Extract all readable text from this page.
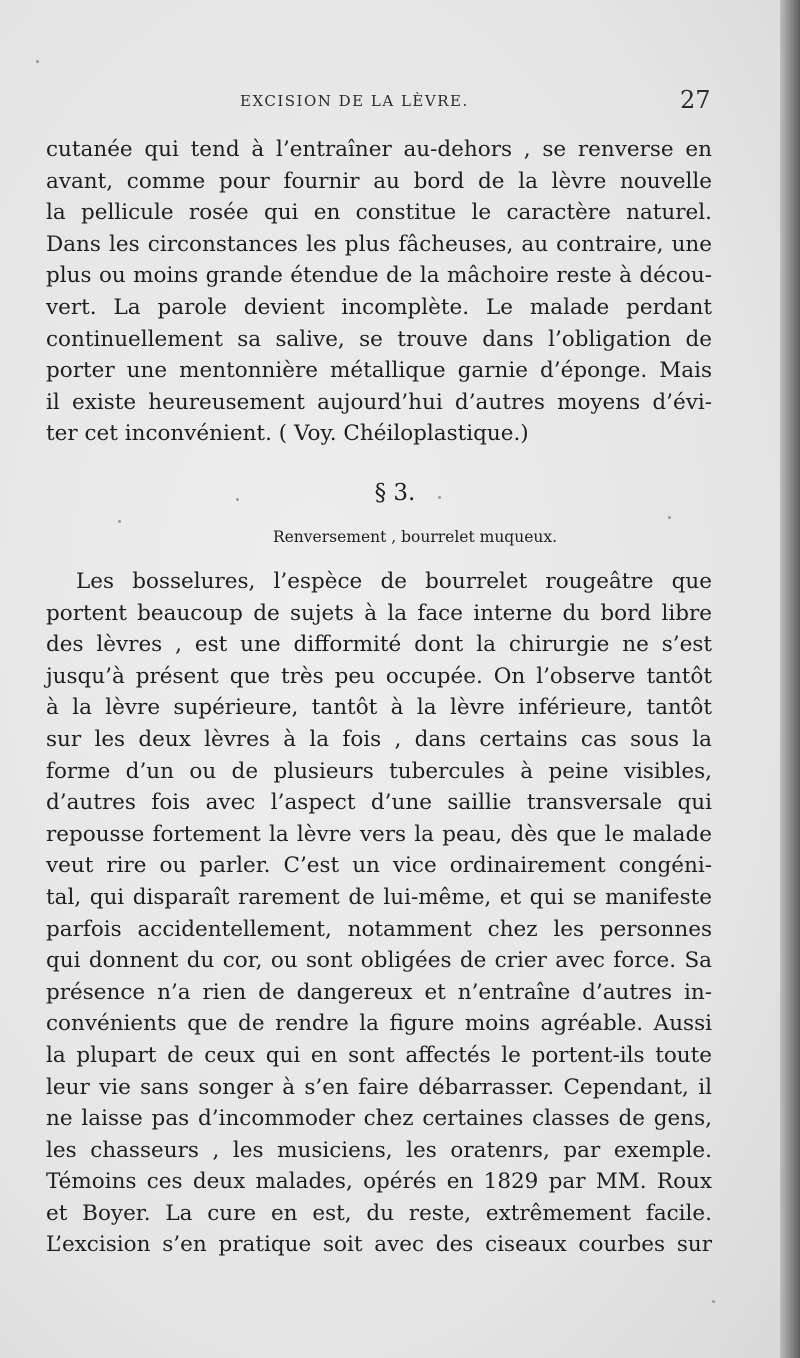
EXCISION DE LA LÈVRE.	27
cutanée qui tend à l’entraîner au-dehors , se renverse en
avant, comme pour fournir au bord de la lèvre nouvelle
la pellicule rosée qui en constitue le caractère naturel.
Dans les circonstances les plus fâcheuses, au contraire, une
plus ou moins grande étendue de la mâchoire reste à décou-
vert. La parole devient incomplète. Le malade perdant
continuellement sa salive, se trouve dans l’obligation de
porter une mentonnière métallique garnie d’éponge. Mais
il existe heureusement aujourd’hui d’autres moyens d’évi-
ter cet inconvénient. ( Voy. Chéiloplastique.)
§ 3.
Renversement , bourrelet muqueux.
Les bosselures, l’espèce de bourrelet rougeâtre que
portent beaucoup de sujets à la face interne du bord libre
des lèvres , est une difformité dont la chirurgie ne s’est
jusqu’à présent que très peu occupée. On l’observe tantôt
à la lèvre supérieure, tantôt à la lèvre inférieure, tantôt
sur les deux lèvres à la fois , dans certains cas sous la
forme d’un ou de plusieurs tubercules à peine visibles,
d’autres fois avec l’aspect d’une saillie transversale qui
repousse fortement la lèvre vers la peau, dès que le malade
veut rire ou parler. C’est un vice ordinairement congéni-
tal, qui disparaît rarement de lui-même, et qui se manifeste
parfois accidentellement, notamment chez les personnes
qui donnent du cor, ou sont obligées de crier avec force. Sa
présence n’a rien de dangereux et n’entraîne d’autres in-
convénients que de rendre la figure moins agréable. Aussi
la plupart de ceux qui en sont affectés le portent-ils toute
leur vie sans songer à s’en faire débarrasser. Cependant, il
ne laisse pas d’incommoder chez certaines classes de gens,
les chasseurs , les musiciens, les oratenrs, par exemple.
Témoins ces deux malades, opérés en 1829 par MM. Roux
et Boyer. La cure en est, du reste, extrêmement facile.
L’excision s’en pratique soit avec des ciseaux courbes sur
